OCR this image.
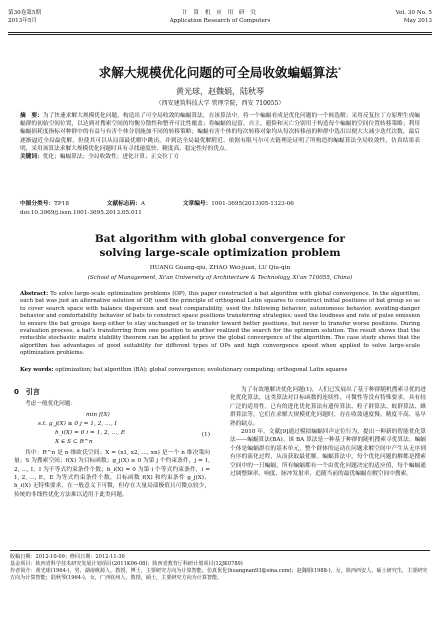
第30卷第5期
2013年5月
计 算 机 应 用 研 究
Application Research of Computers
Vol. 30 No. 5
May 2013
求解大规模优化问题的可全局收敛蝙蝠算法*
黄光球，赵魏娟，陆秋琴
（西安建筑科技大学 管理学院，西安 710055）
摘　要：为了快速求解大规模优化问题，构造出了可全局收敛的蝙蝠算法。在该算法中，将一个蝙蝠看成是优化问题的一个候选解；采用反复拉丁方原理生成蝙蝠群的初始空间位置，以达到对搜索空间的均衡分散性和整齐可比性覆盖；将蝙蝠的逗留、自主、避险和灭亡分别用于构造每个蝙蝠的空间位置转移策略；利用蝙蝠损耗度指标对种群中的有益与有害个体分别施加不同的转移策略；蝙蝠有害个体的每次转移对象均从每次转移前的种群中选出以便大大减少迭代次数，最后逐渐逼近全局最优解，但使其可以从局部最优解中跳出，并到达全局最优解附近。依据有限马尔可夫链理论证明了所构造的蝙蝠算法全局收敛性，仿真结果表明，采用该算法求解大规模优化问题时具有寻找速度快、精度高、稳定性好的优点。
关键词：优化；蝙蝠算法；全局收敛性；进化计算；正交拉丁方
中图分类号：TP18	文献标志码：A	文章编号：1001-3695(2013)05-1323-06
doi:10.3969/j.issn.1001-3695.2013.05.011
Bat algorithm with global convergence for solving large-scale optimization problem
HUANG Guang-qiu, ZHAO Wei-juan, LU Qiu-qin
(School of Management, Xi'an University of Architecture & Technology, Xi'an 710055, China)
Abstract: To solve large-scale optimization problems (OP), this paper constructed a bat algorithm with global convergence. In the algorithm, each bat was just an alternative solution of OP, used the principle of orthogonal Latin squares to construct initial positions of bat group so as to cover search space with balance dispersion and neat comparability, used the following behavior, autonomous behavior, avoiding-danger behavior and comfortability behavior of bats to construct space positions transferring strategies; used the loudness and rate of pulse emission to ensure the bat groups keep either to stay unchanged or to transfer toward better positions, but never to transfer worse positions. During evaluation process, a bat's transferring from one position to another realized the search for the optimum solution. The result shows that the reducible stochastic matrix stability theorem can be applied to prove the global convergence of the algorithm. The case study shows that the algorithm has advantages of good suitability for different types of OPs and high convergence speed when applied to solve large-scale optimization problems.
Key words: optimization; bat algorithm (BA); global convergence; evolutionary computing; orthogonal Latin squares
0　引言

考虑一般优化问题：

min f(X)
s.t. g_j(X) ≥ 0 j = 1, 2, …, I
h_i(X) = 0 i = 1, 2, …, E
X ∈ S ⊂ R^n
(1)

其中：R^n 是 n 维欧氏空间；X = (x1, x2, …, xn) 是一个 n 维决策向量；S 为搜索空间；f(X) 为目标函数；g_j(X) ≥ 0 为第 j 个约束条件，j = 1, 2, …, I，I 为不等式约束条件个数；h_i(X) = 0 为第 i 个等式约束条件，i = 1, 2, …, E，E 为等式约束条件个数。目标函数 f(X) 和约束条件 g_j(X)、h_i(X) 无特殊要求，在一般意义下可微，但存在大量局部极值且可微点较少，传统的非线性优化方法难以适用于此类问题。

为了有效地解决优化问题(1)，人们已发展出了基于种群随机搜索寻优的进化优化算法，这类算法对目标函数的连续性、可微性等没有特殊要求，具有较广泛的适用性。已有的进化优化算法有遗传算法、粒子群算法、蚁群算法、蜂群算法等，它们在求解大规模优化问题时，存在收敛速度慢、精度不高、易早熟的缺点。

2010 年，文献[9]通过模拟蝙蝠回声定位行为，提出一种新的智能优化算法——蝙蝠算法(BA)。该 BA 算法是一种基于种群的随机搜索寻优算法。蝙蝠个体是蝙蝠群在的基本单元，整个群体的运动在问题求解空间中产生从无序到有序的演化过程，从而获取最优解。蝙蝠算法中，每个优化问题的解都是搜索空间中的一只蝙蝠，所有蝙蝠都有一个由优化问题决定的适应值，每个蝙蝠通过调整频率、响度、脉冲发射率，追随当前的最优蝙蝠在解空间中搜索。

收稿日期：2012-10-09；修回日期：2012-11-30
基金项目：陕西省科学技术研究发展计划项目(2011K06-08)；陕西省教育厅科研计划项目(12JK0789)
作者简介：黄光球(1964-)，男，湖南桃源人，教授，博士，主要研究方向为计算智能、仿真优化(huangnan93@sina.com)；赵魏娟(1988-)，女，陕西西安人，硕士研究生，主要研究方向为计算智能；陆秋琴(1964-)，女，广西钦州人，教授，硕士，主要研究方向为计算智能。
